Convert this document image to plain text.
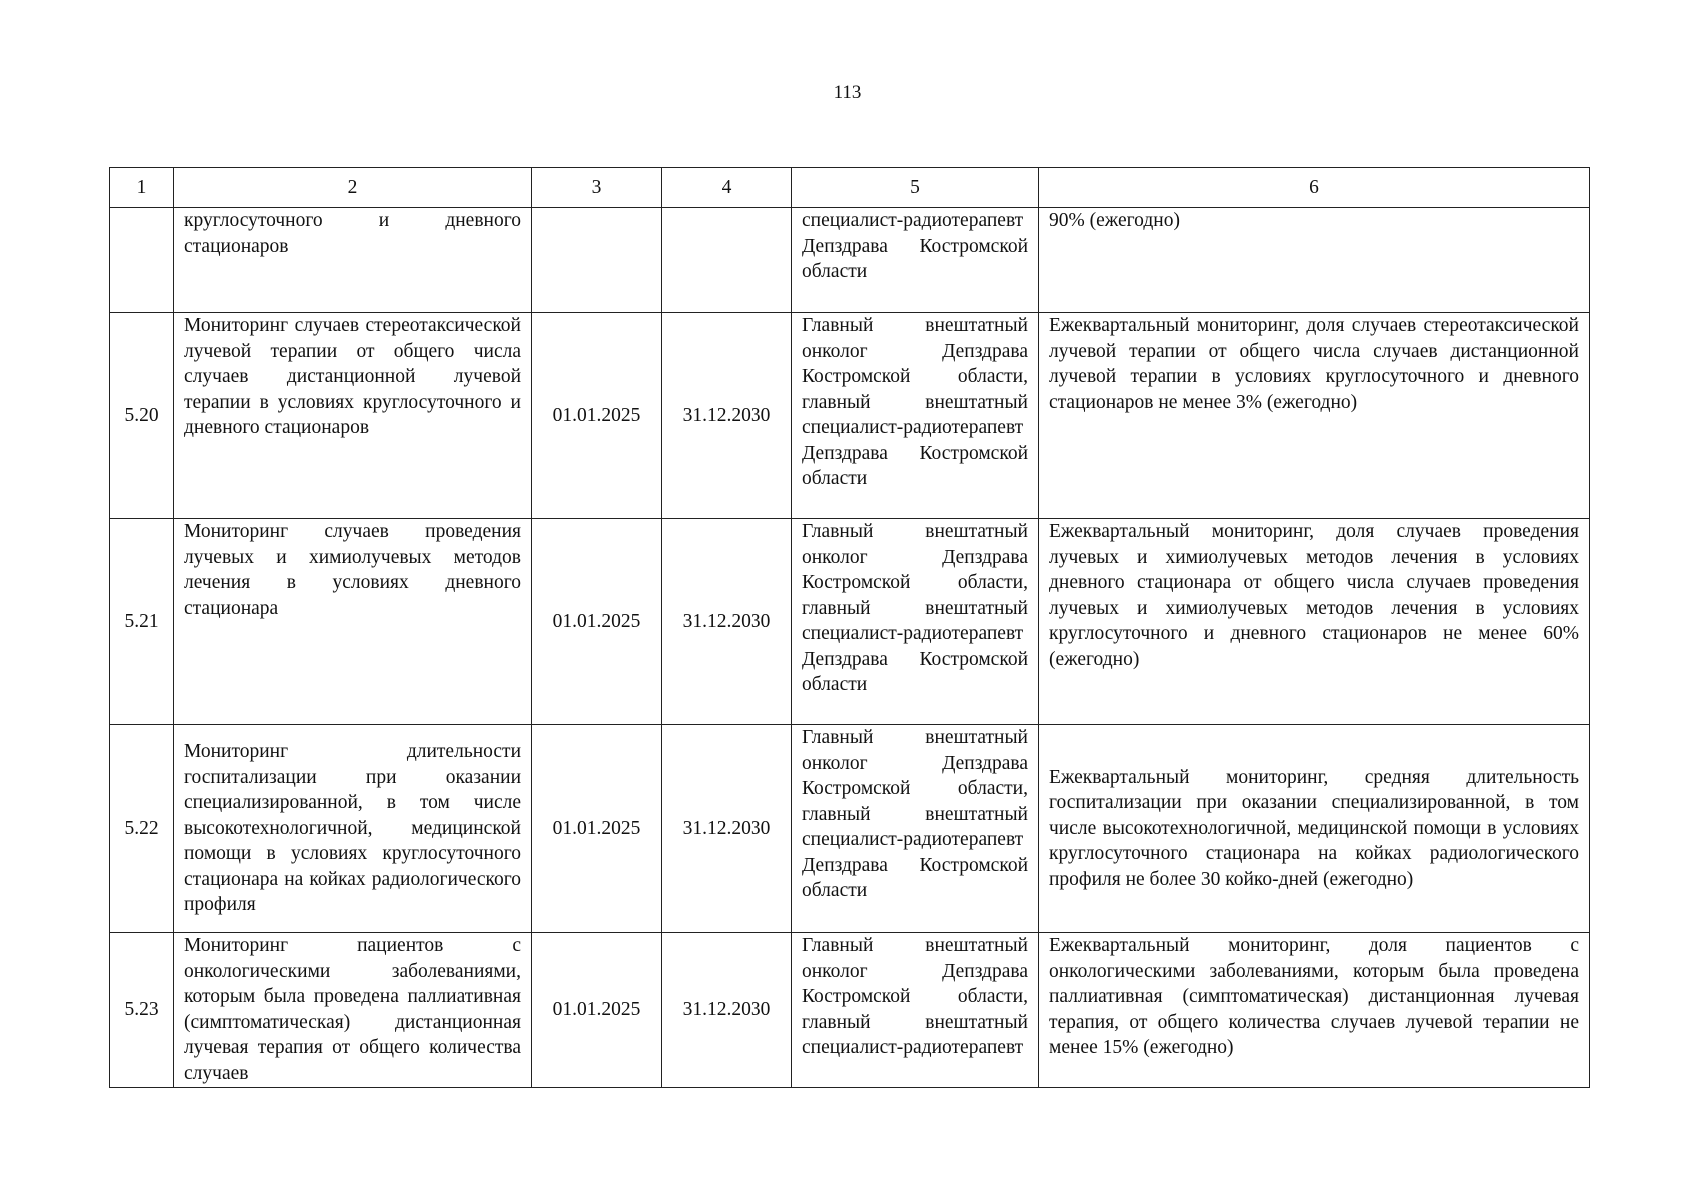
113
1	2	3	4	5	6
	круглосуточного и дневного стационаров			специалист-радиотерапевт Депздрава Костромской области	90% (ежегодно)
5.20	Мониторинг случаев стереотаксической лучевой терапии от общего числа случаев дистанционной лучевой терапии в условиях круглосуточного и дневного стационаров	01.01.2025	31.12.2030	Главный внештатный онколог Депздрава Костромской области, главный внештатный специалист-радиотерапевт Депздрава Костромской области	Ежеквартальный мониторинг, доля случаев стереотаксической лучевой терапии от общего числа случаев дистанционной лучевой терапии в условиях круглосуточного и дневного стационаров не менее 3% (ежегодно)
5.21	Мониторинг случаев проведения лучевых и химиолучевых методов лечения в условиях дневного стационара	01.01.2025	31.12.2030	Главный внештатный онколог Депздрава Костромской области, главный внештатный специалист-радиотерапевт Депздрава Костромской области	Ежеквартальный мониторинг, доля случаев проведения лучевых и химиолучевых методов лечения в условиях дневного стационара от общего числа случаев проведения лучевых и химиолучевых методов лечения в условиях круглосуточного и дневного стационаров не менее 60% (ежегодно)
5.22	Мониторинг длительности госпитализации при оказании специализированной, в том числе высокотехнологичной, медицинской помощи в условиях круглосуточного стационара на койках радиологического профиля	01.01.2025	31.12.2030	Главный внештатный онколог Депздрава Костромской области, главный внештатный специалист-радиотерапевт Депздрава Костромской области	Ежеквартальный мониторинг, средняя длительность госпитализации при оказании специализированной, в том числе высокотехнологичной, медицинской помощи в условиях круглосуточного стационара на койках радиологического профиля не более 30 койко-дней (ежегодно)
5.23	Мониторинг пациентов с онкологическими заболеваниями, которым была проведена паллиативная (симптоматическая) дистанционная лучевая терапия от общего количества случаев	01.01.2025	31.12.2030	Главный внештатный онколог Депздрава Костромской области, главный внештатный специалист-радиотерапевт	Ежеквартальный мониторинг, доля пациентов с онкологическими заболеваниями, которым была проведена паллиативная (симптоматическая) дистанционная лучевая терапия, от общего количества случаев лучевой терапии не менее 15% (ежегодно)
